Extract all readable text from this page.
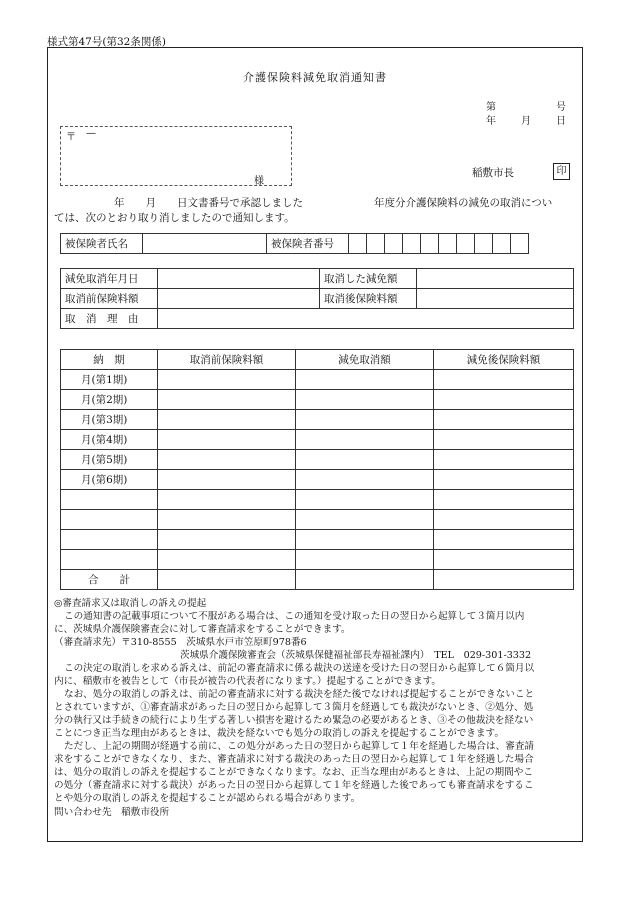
様式第47号(第32条関係)
介護保険料減免取消通知書
第	号
年	月	日
〒 —
様
稲敷市長	印
年　　月　　日文書番号で承認しました	年度分介護保険料の減免の取消につい
ては、次のとおり取り消しましたので通知します。
被保険者氏名		被保険者番号										
減免取消年月日		取消した減免額	
取消前保険料額		取消後保険料額	
取　消　理　由			
納　期	取消前保険料額	減免取消額	減免後保険料額
月(第1期)			
月(第2期)			
月(第3期)			
月(第4期)			
月(第5期)			
月(第6期)			

合　　計			
◎審査請求又は取消しの訴えの提起
この通知書の記載事項について不服がある場合は、この通知を受け取った日の翌日から起算して３箇月以内
に、茨城県介護保険審査会に対して審査請求をすることができます。
（審査請求先）〒310-8555　茨城県水戸市笠原町978番6
茨城県介護保険審査会（茨城県保健福祉部長寿福祉課内）　TEL　029-301-3332
この決定の取消しを求める訴えは、前記の審査請求に係る裁決の送達を受けた日の翌日から起算して６箇月以
内に、稲敷市を被告として（市長が被告の代表者になります。）提起することができます。
なお、処分の取消しの訴えは、前記の審査請求に対する裁決を経た後でなければ提起することができないこと
とされていますが、①審査請求があった日の翌日から起算して３箇月を経過しても裁決がないとき、②処分、処
分の執行又は手続きの続行により生ずる著しい損害を避けるため緊急の必要があるとき、③その他裁決を経ない
ことにつき正当な理由があるときは、裁決を経ないでも処分の取消しの訴えを提起することができます。
ただし、上記の期間が経過する前に、この処分があった日の翌日から起算して１年を経過した場合は、審査請
求をすることができなくなり、また、審査請求に対する裁決のあった日の翌日から起算して１年を経過した場合
は、処分の取消しの訴えを提起することができなくなります。なお、正当な理由があるときは、上記の期間やこ
の処分（審査請求に対する裁決）があった日の翌日から起算して１年を経過した後であっても審査請求をするこ
とや処分の取消しの訴えを提起することが認められる場合があります。
問い合わせ先　稲敷市役所
